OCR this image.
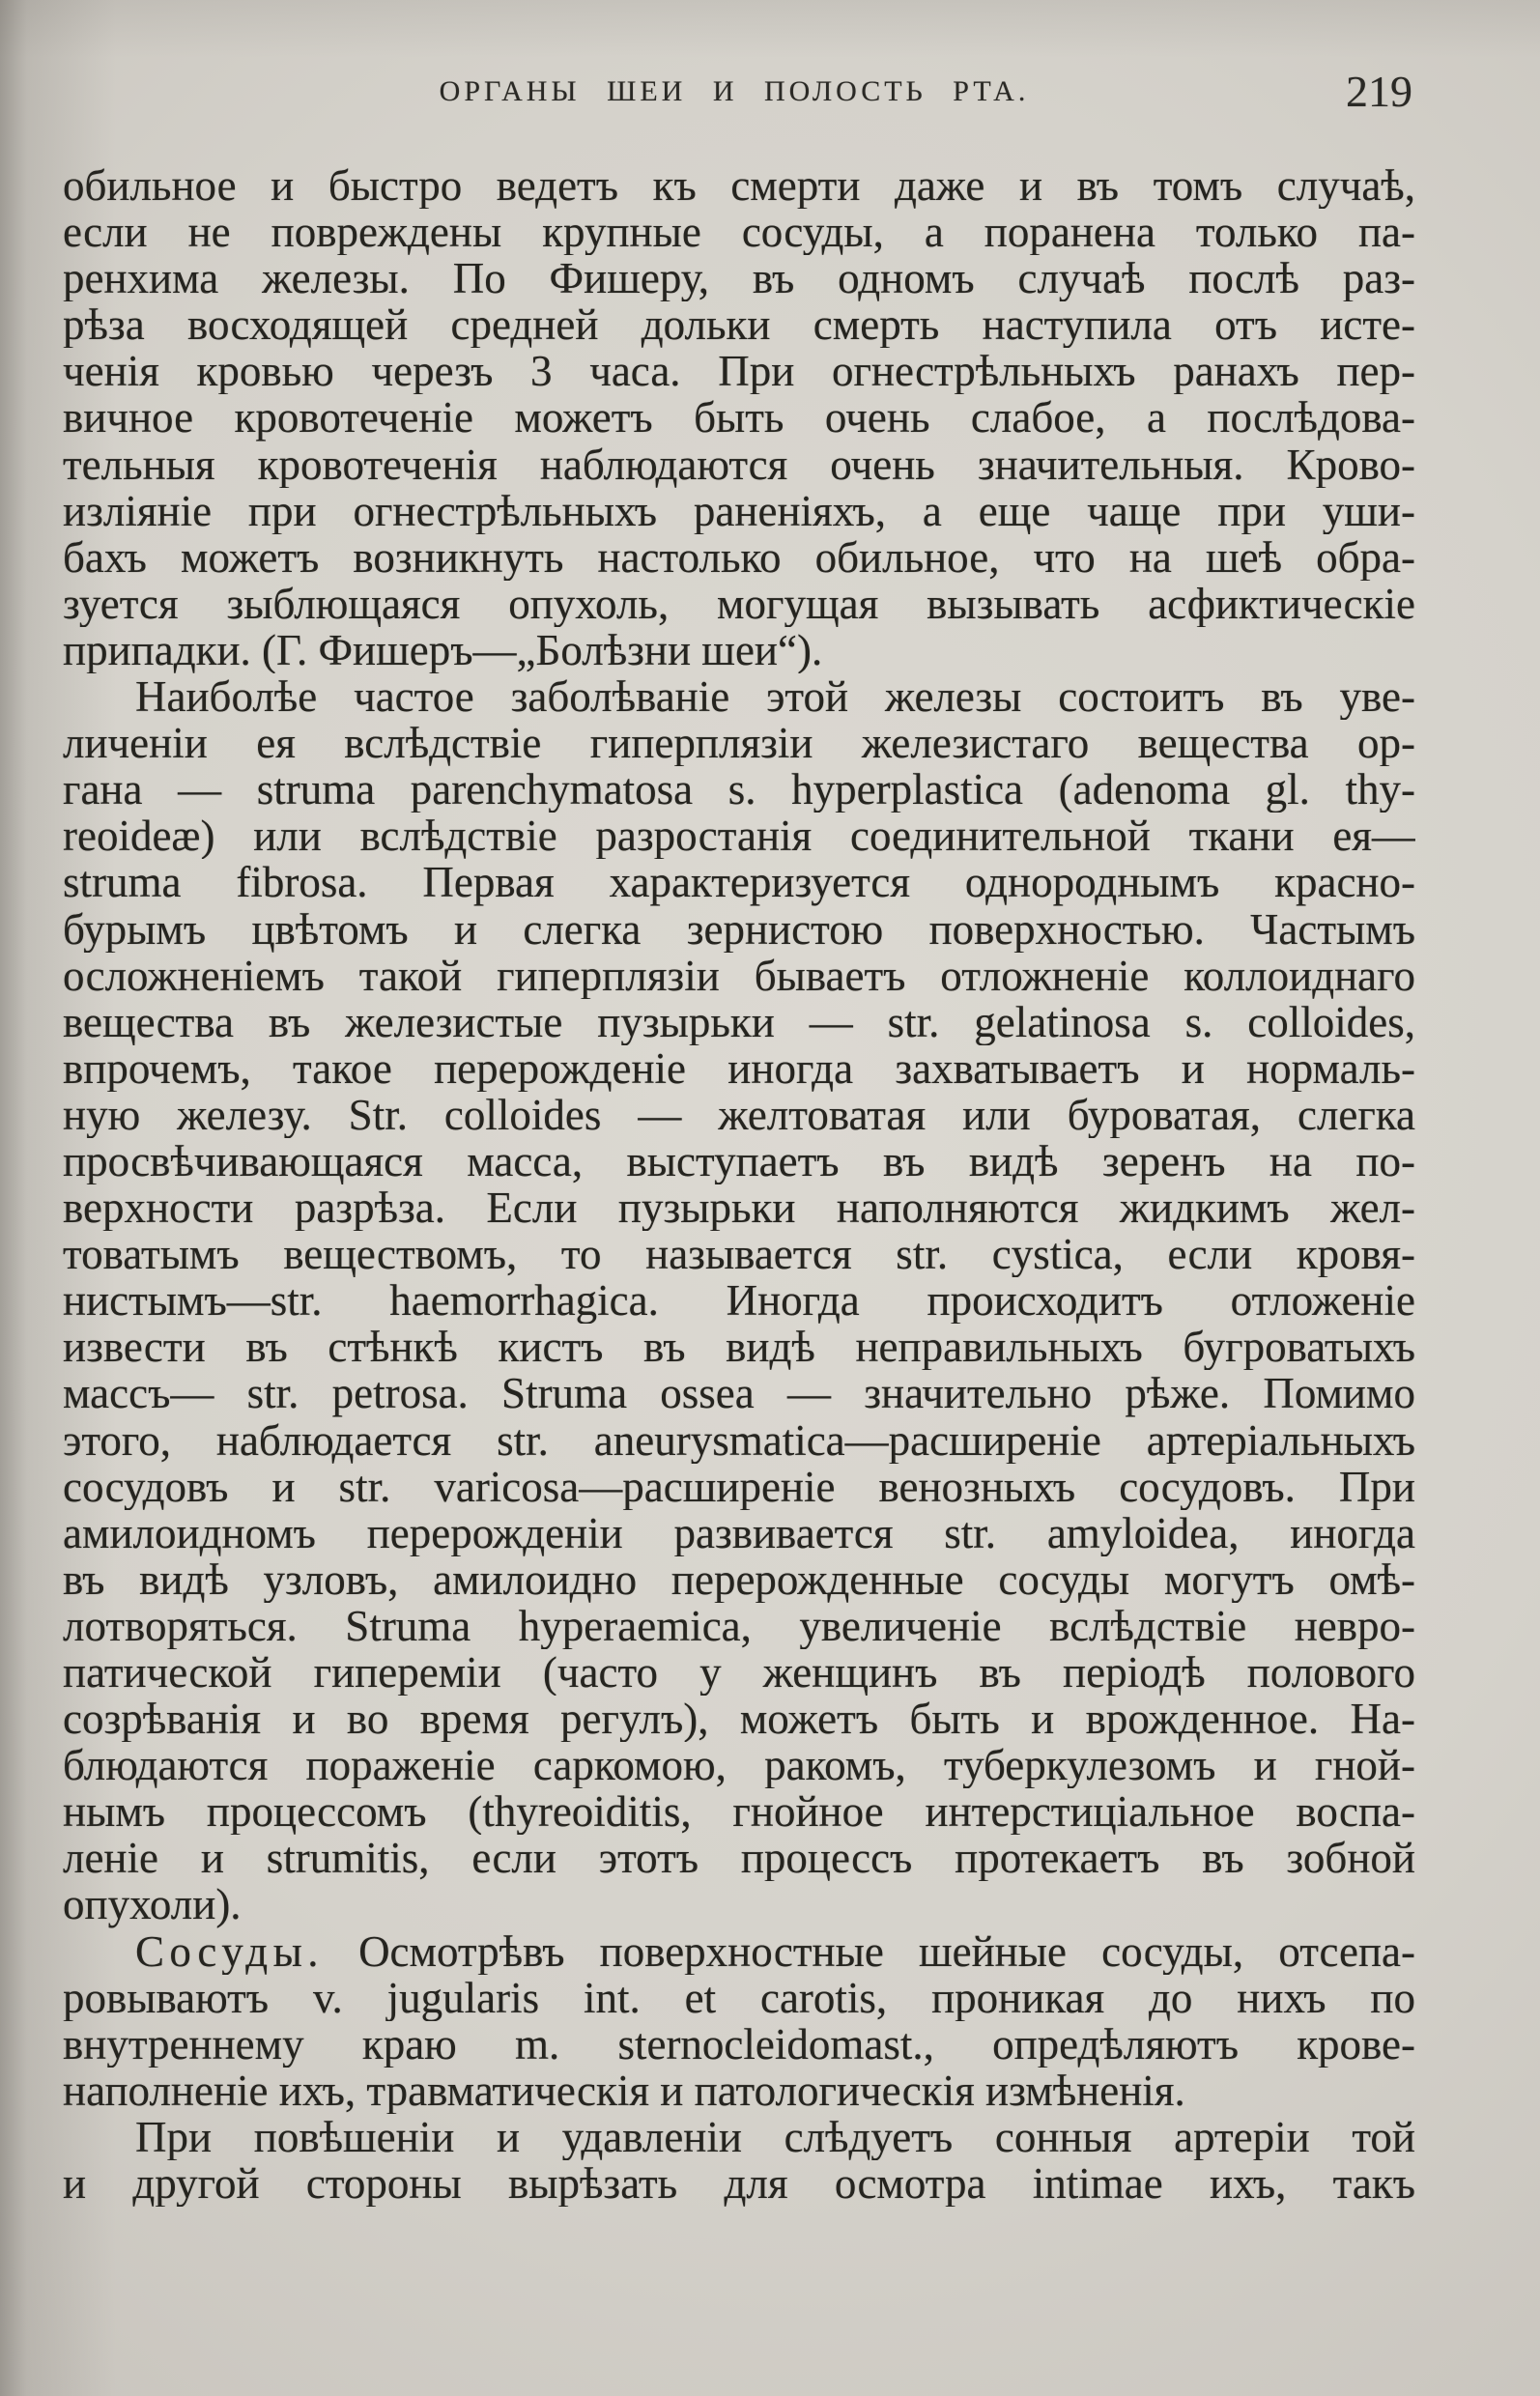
ОРГАНЫ ШЕИ И ПОЛОСТЬ РТА.	219
обильное и быстро ведетъ къ смерти даже и въ томъ случаѣ,
если не повреждены крупные сосуды, а поранена только па-
ренхима железы. По Фишеру, въ одномъ случаѣ послѣ раз-
рѣза восходящей средней дольки смерть наступила отъ исте-
ченія кровью черезъ 3 часа. При огнестрѣльныхъ ранахъ пер-
вичное кровотеченіе можетъ быть очень слабое, а послѣдова-
тельныя кровотеченія наблюдаются очень значительныя. Крово-
изліяніе при огнестрѣльныхъ раненіяхъ, а еще чаще при уши-
бахъ можетъ возникнуть настолько обильное, что на шеѣ обра-
зуется зыблющаяся опухоль, могущая вызывать асфиктическіе
припадки. (Г. Фишеръ—„Болѣзни шеи“).
Наиболѣе частое заболѣваніе этой железы состоитъ въ уве-
личеніи ея вслѣдствіе гиперплязіи железистаго вещества ор-
гана — struma parenchymatosa s. hyperplastica (adenoma gl. thy-
reoideæ) или вслѣдствіе разростанія соединительной ткани ея—
struma fibrosa. Первая характеризуется однороднымъ красно-
бурымъ цвѣтомъ и слегка зернистою поверхностью. Частымъ
осложненіемъ такой гиперплязіи бываетъ отложненіе коллоиднаго
вещества въ железистые пузырьки — str. gelatinosa s. colloides,
впрочемъ, такое перерожденіе иногда захватываетъ и нормаль-
ную железу. Str. colloides — желтоватая или буроватая, слегка
просвѣчивающаяся масса, выступаетъ въ видѣ зеренъ на по-
верхности разрѣза. Если пузырьки наполняются жидкимъ жел-
товатымъ веществомъ, то называется str. cystica, если кровя-
нистымъ—str. haemorrhagica. Иногда происходитъ отложеніе
извести въ стѣнкѣ кистъ въ видѣ неправильныхъ бугроватыхъ
массъ— str. petrosa. Struma ossea — значительно рѣже. Помимо
этого, наблюдается str. aneurysmatica—расширеніе артеріальныхъ
сосудовъ и str. varicosa—расширеніе венозныхъ сосудовъ. При
амилоидномъ перерожденіи развивается str. amyloidea, иногда
въ видѣ узловъ, амилоидно перерожденные сосуды могутъ омѣ-
лотворяться. Struma hyperaemica, увеличеніе вслѣдствіе невро-
патической гипереміи (часто у женщинъ въ періодѣ полового
созрѣванія и во время регулъ), можетъ быть и врожденное. На-
блюдаются пораженіе саркомою, ракомъ, туберкулезомъ и гной-
нымъ процессомъ (thyreoiditis, гнойное интерстиціальное воспа-
леніе и strumitis, если этотъ процессъ протекаетъ въ зобной
опухоли).
Сосуды. Осмотрѣвъ поверхностные шейные сосуды, отсепа-
ровываютъ v. jugularis int. et carotis, проникая до нихъ по
внутреннему краю m. sternocleidomast., опредѣляютъ крове-
наполненіе ихъ, травматическія и патологическія измѣненія.
При повѣшеніи и удавленіи слѣдуетъ сонныя артеріи той
и другой стороны вырѣзать для осмотра intimae ихъ, такъ
